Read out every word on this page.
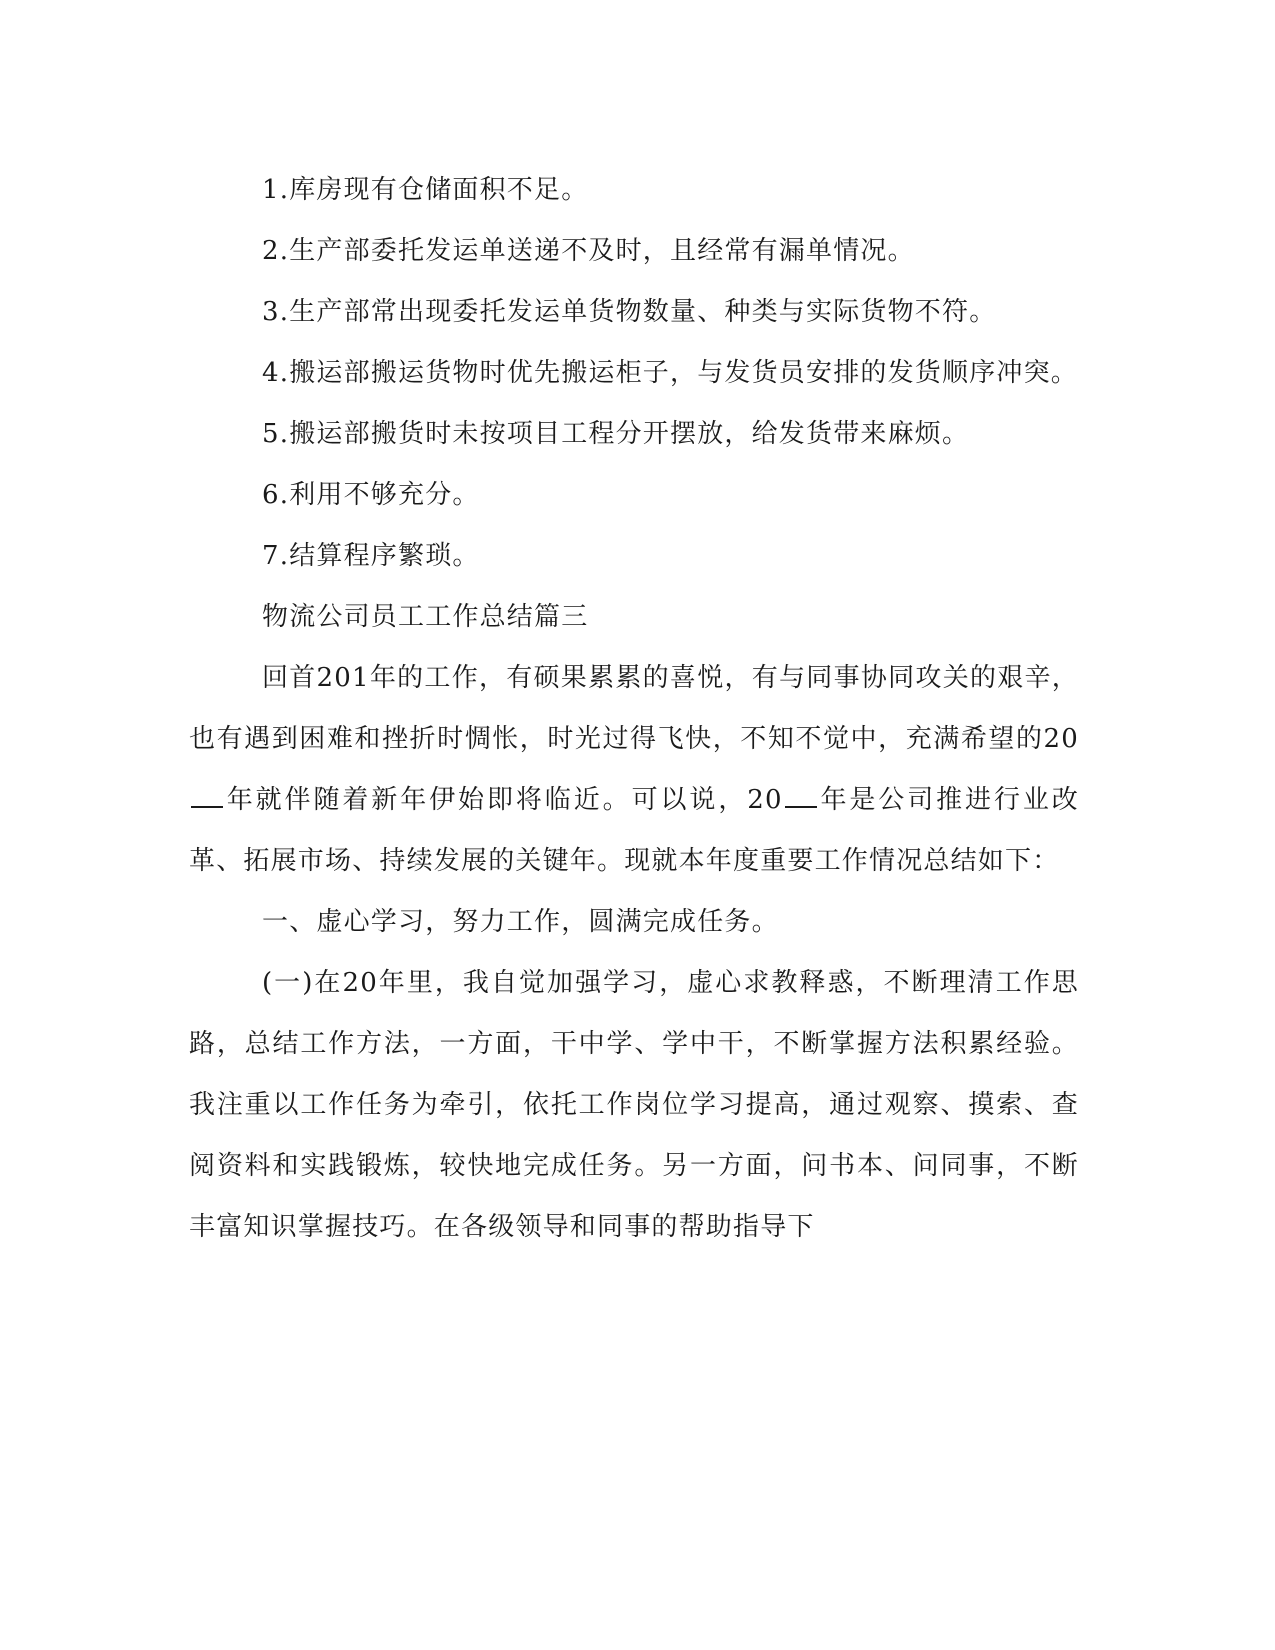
1.库房现有仓储面积不足。

2.生产部委托发运单送递不及时，且经常有漏单情况。

3.生产部常出现委托发运单货物数量、种类与实际货物不符。

4.搬运部搬运货物时优先搬运柜子，与发货员安排的发货顺序冲突。

5.搬运部搬货时未按项目工程分开摆放，给发货带来麻烦。

6.利用不够充分。

7.结算程序繁琐。

物流公司员工工作总结篇三

回首201年的工作，有硕果累累的喜悦，有与同事协同攻关的艰辛，也有遇到困难和挫折时惆怅，时光过得飞快，不知不觉中，充满希望的20年就伴随着新年伊始即将临近。可以说，20 年是公司推进行业改革、拓展市场、持续发展的关键年。现就本年度重要工作情况总结如下：

一、虚心学习，努力工作，圆满完成任务。

(一)在20年里，我自觉加强学习，虚心求教释惑，不断理清工作思路，总结工作方法，一方面，干中学、学中干，不断掌握方法积累经验。我注重以工作任务为牵引，依托工作岗位学习提高，通过观察、摸索、查阅资料和实践锻炼，较快地完成任务。另一方面，问书本、问同事，不断丰富知识掌握技巧。在各级领导和同事的帮助指导下
